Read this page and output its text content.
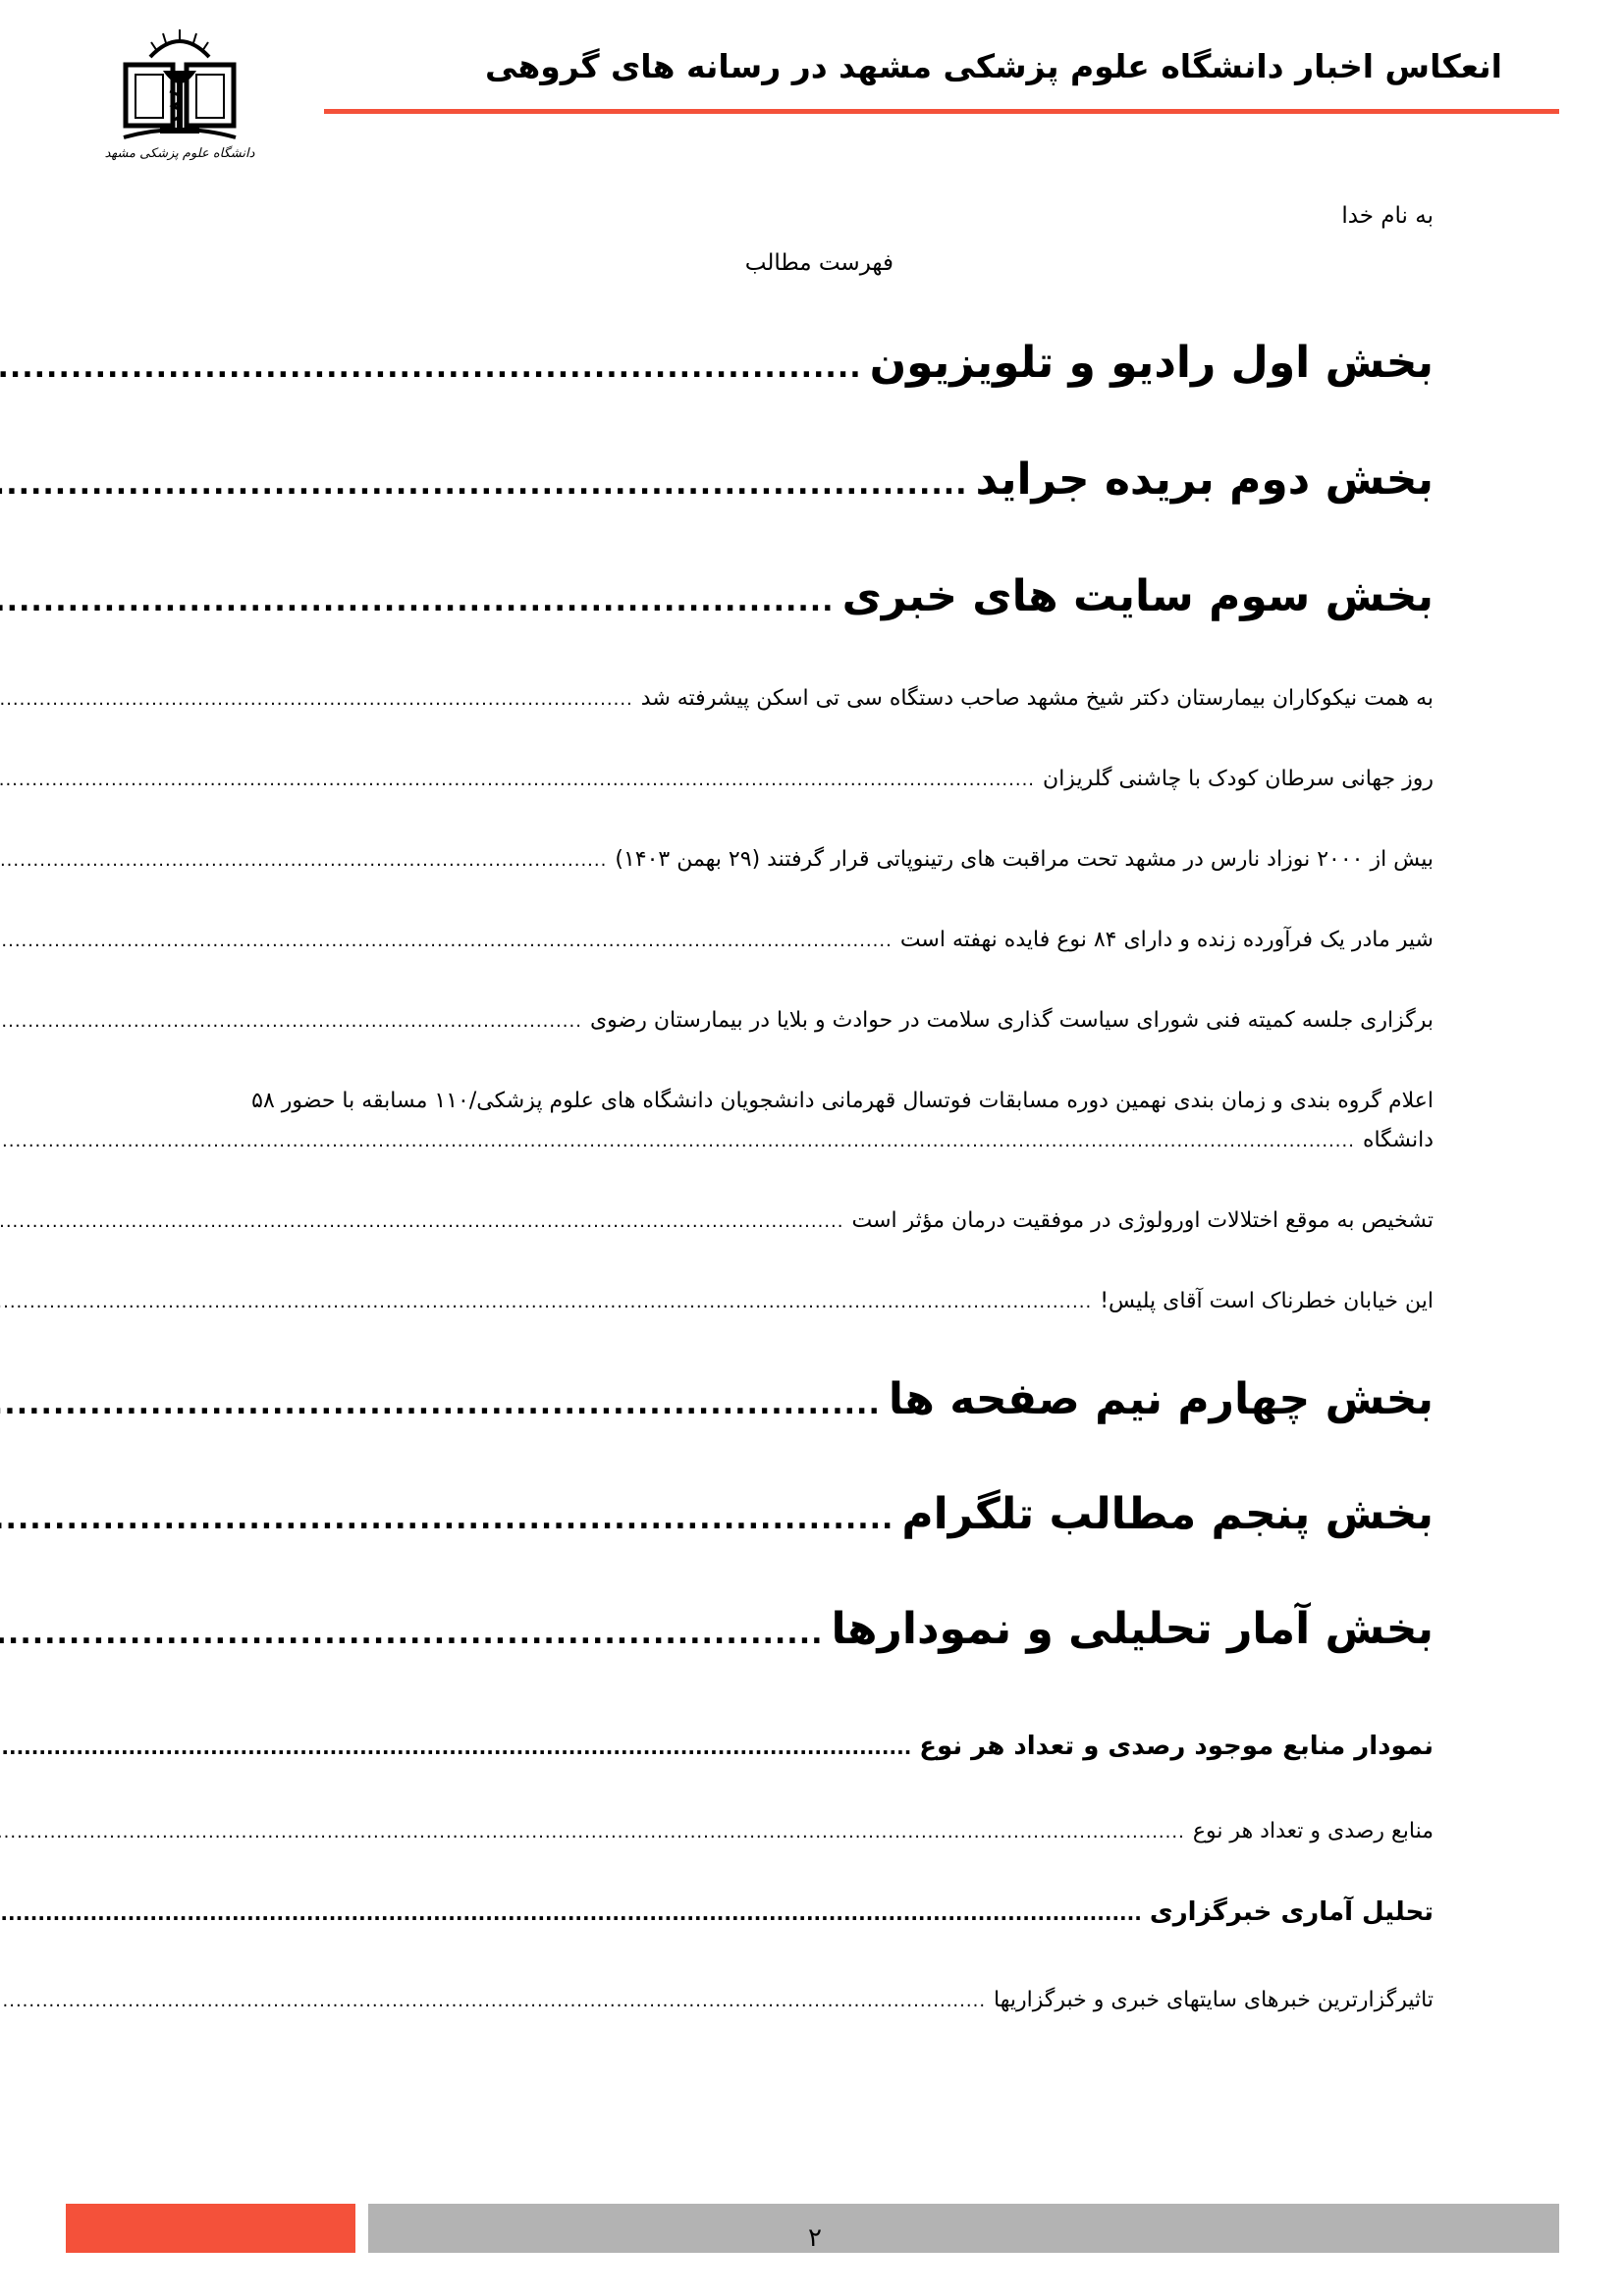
انعکاس اخبار دانشگاه علوم پزشکی مشهد در رسانه های گروهی
دانشگاه علوم پزشکی مشهد
به نام خدا
فهرست مطالب
بخش اول رادیو و تلویزیون
.....
بخش دوم بریده جراید
.....
بخش سوم سایت های خبری
.....
به همت نیکوکاران بیمارستان دکتر شیخ مشهد صاحب دستگاه سی تی اسکن پیشرفته شد
.....
روز جهانی سرطان کودک با چاشنی گلریزان
.....
بیش از ۲۰۰۰ نوزاد نارس در مشهد تحت مراقبت های رتینوپاتی قرار گرفتند (۲۹ بهمن ۱۴۰۳)
.....
شیر مادر یک فرآورده زنده و دارای ۸۴ نوع فایده نهفته است
.....
برگزاری جلسه کمیته فنی شورای سیاست گذاری سلامت در حوادث و بلایا در بیمارستان رضوی
.....
اعلام گروه بندی و زمان بندی نهمین دوره مسابقات فوتسال قهرمانی دانشجویان دانشگاه های علوم پزشکی/۱۱۰ مسابقه با حضور ۵۸
دانشگاه
.....
تشخیص به موقع اختلالات اورولوژی در موفقیت درمان مؤثر است
.....
این خیابان خطرناک است آقای پلیس!
.....
بخش چهارم نیم صفحه ها
.....
بخش پنجم مطالب تلگرام
.....
بخش آمار تحلیلی و نمودارها
.....
نمودار منابع موجود رصدی و تعداد هر نوع
.....
منابع رصدی و تعداد هر نوع
.....
تحلیل آماری خبرگزاری
.....
تاثیرگزارترین خبرهای سایتهای خبری و خبرگزاریها
.....
۲
